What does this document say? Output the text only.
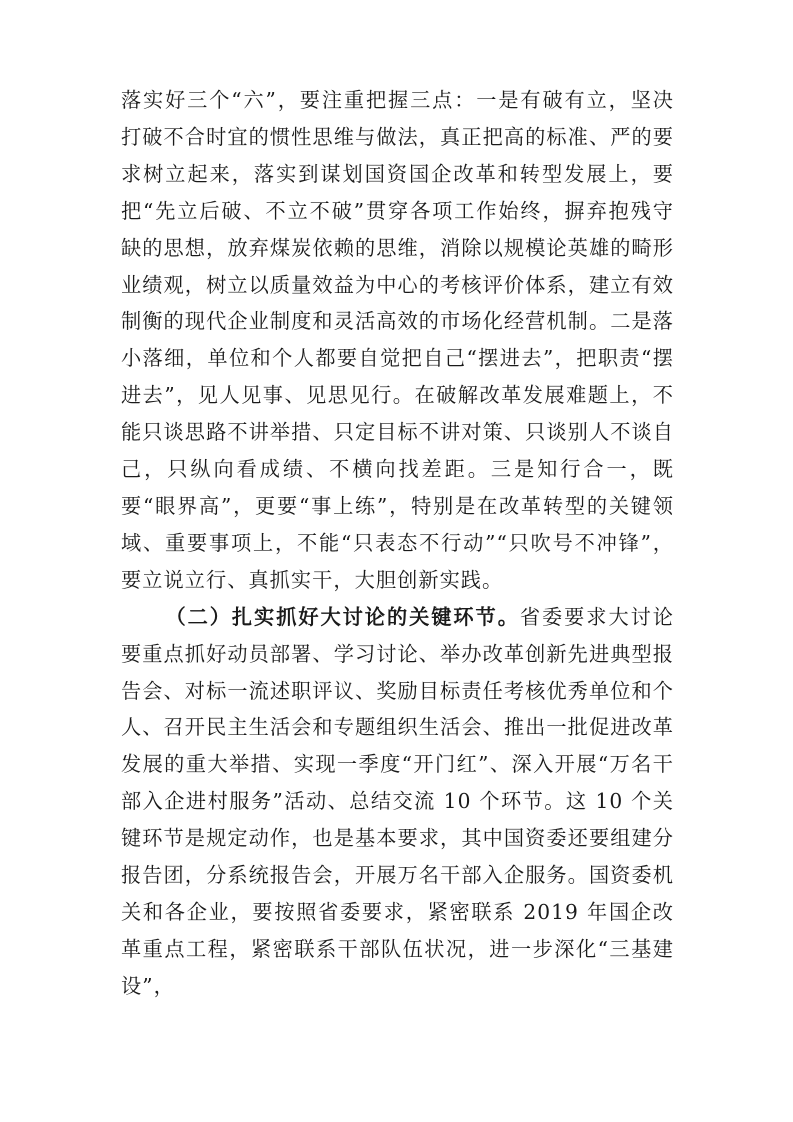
落实好三个“六”，要注重把握三点：一是有破有立，坚决打破不合时宜的惯性思维与做法，真正把高的标准、严的要求树立起来，落实到谋划国资国企改革和转型发展上，要把“先立后破、不立不破”贯穿各项工作始终，摒弃抱残守缺的思想，放弃煤炭依赖的思维，消除以规模论英雄的畸形业绩观，树立以质量效益为中心的考核评价体系，建立有效制衡的现代企业制度和灵活高效的市场化经营机制。二是落小落细，单位和个人都要自觉把自己“摆进去”，把职责“摆进去”，见人见事、见思见行。在破解改革发展难题上，不能只谈思路不讲举措、只定目标不讲对策、只谈别人不谈自己，只纵向看成绩、不横向找差距。三是知行合一，既要“眼界高”，更要“事上练”，特别是在改革转型的关键领域、重要事项上，不能“只表态不行动”“只吹号不冲锋”，要立说立行、真抓实干，大胆创新实践。

（二）扎实抓好大讨论的关键环节。省委要求大讨论要重点抓好动员部署、学习讨论、举办改革创新先进典型报告会、对标一流述职评议、奖励目标责任考核优秀单位和个人、召开民主生活会和专题组织生活会、推出一批促进改革发展的重大举措、实现一季度“开门红”、深入开展“万名干部入企进村服务”活动、总结交流 10 个环节。这 10 个关键环节是规定动作，也是基本要求，其中国资委还要组建分报告团，分系统报告会，开展万名干部入企服务。国资委机关和各企业，要按照省委要求，紧密联系 2019 年国企改革重点工程，紧密联系干部队伍状况，进一步深化“三基建设”，
